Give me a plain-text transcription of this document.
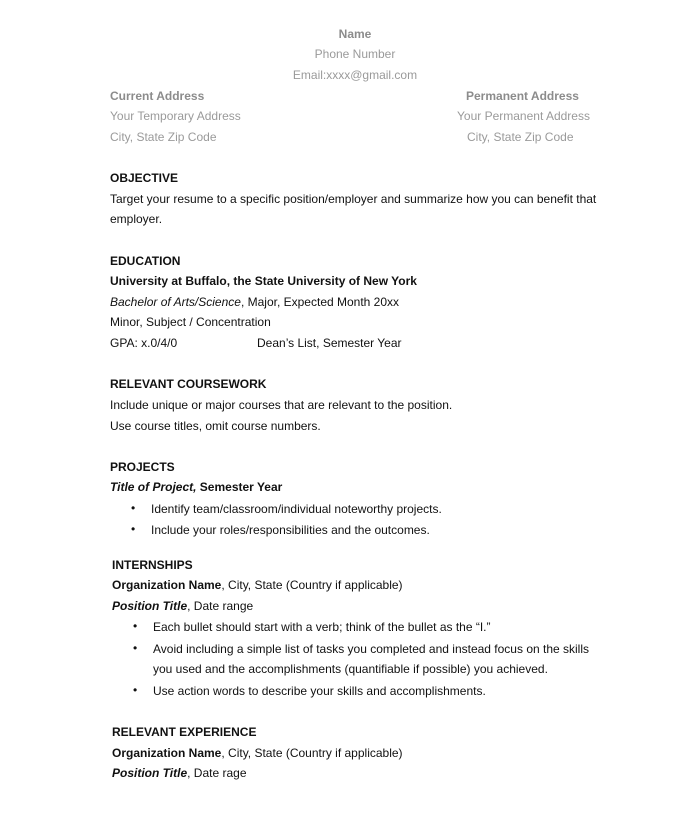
Name
Phone Number
Email:xxxx@gmail.com
Current Address
Your Temporary Address
City, State Zip Code
Permanent Address
Your Permanent Address
City, State Zip Code
OBJECTIVE
Target your resume to a specific position/employer and summarize how you can benefit that
employer.
EDUCATION
University at Buffalo, the State University of New York
Bachelor of Arts/Science, Major, Expected Month 20xx
Minor, Subject / Concentration
GPA: x.0/4/0	Dean’s List, Semester Year
RELEVANT COURSEWORK
Include unique or major courses that are relevant to the position.
Use course titles, omit course numbers.
PROJECTS
Title of Project, Semester Year
• Identify team/classroom/individual noteworthy projects.
• Include your roles/responsibilities and the outcomes.
INTERNSHIPS
Organization Name, City, State (Country if applicable)
Position Title, Date range
• Each bullet should start with a verb; think of the bullet as the “I.”
• Avoid including a simple list of tasks you completed and instead focus on the skills
you used and the accomplishments (quantifiable if possible) you achieved.
• Use action words to describe your skills and accomplishments.
RELEVANT EXPERIENCE
Organization Name, City, State (Country if applicable)
Position Title, Date rage
